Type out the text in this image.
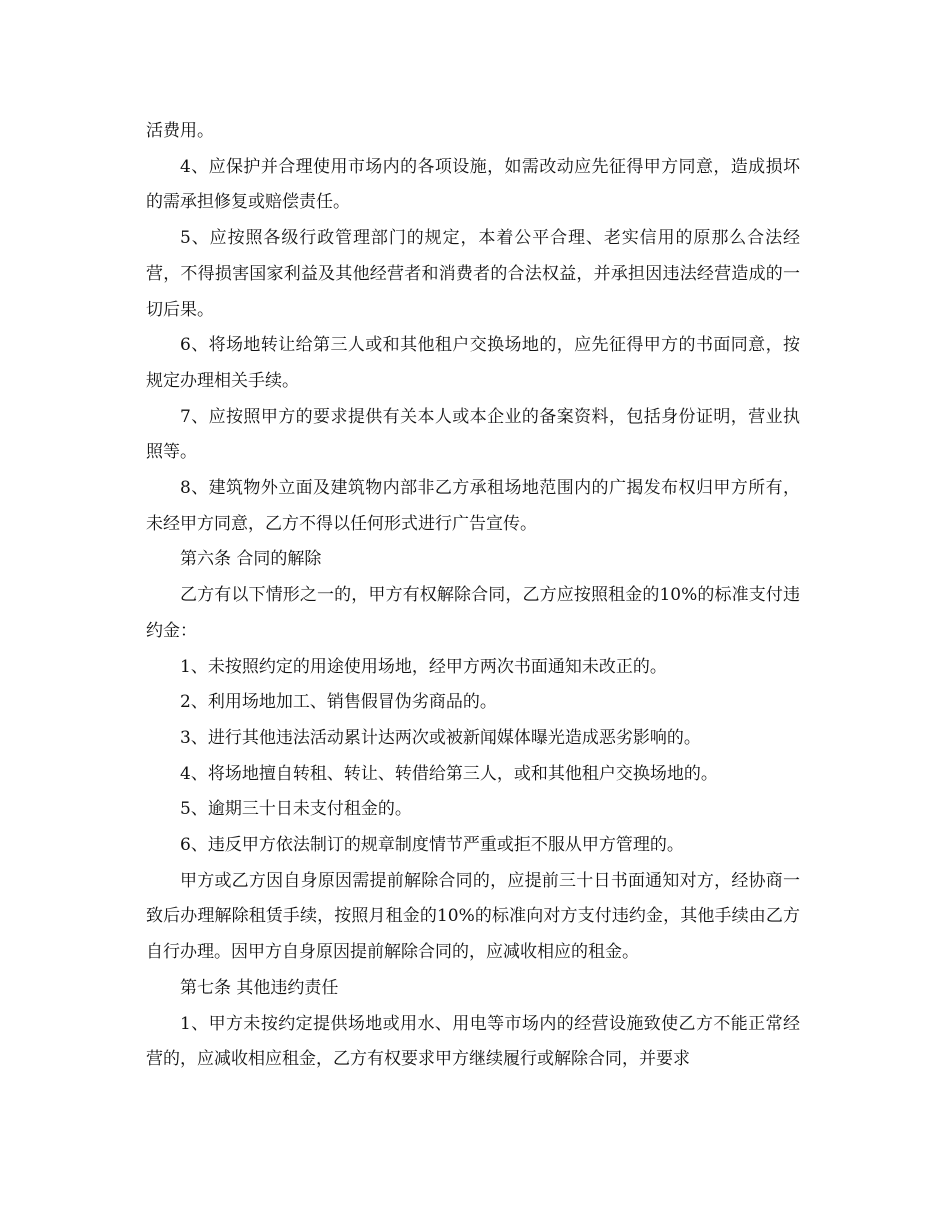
活费用。

4、应保护并合理使用市场内的各项设施，如需改动应先征得甲方同意，造成损坏的需承担修复或赔偿责任。

5、应按照各级行政管理部门的规定，本着公平合理、老实信用的原那么合法经营，不得损害国家利益及其他经营者和消费者的合法权益，并承担因违法经营造成的一切后果。

6、将场地转让给第三人或和其他租户交换场地的，应先征得甲方的书面同意，按规定办理相关手续。

7、应按照甲方的要求提供有关本人或本企业的备案资料，包括身份证明，营业执照等。

8、建筑物外立面及建筑物内部非乙方承租场地范围内的广揭发布权归甲方所有，未经甲方同意，乙方不得以任何形式进行广告宣传。

第六条 合同的解除

乙方有以下情形之一的，甲方有权解除合同，乙方应按照租金的10%的标准支付违约金：

1、未按照约定的用途使用场地，经甲方两次书面通知未改正的。

2、利用场地加工、销售假冒伪劣商品的。

3、进行其他违法活动累计达两次或被新闻媒体曝光造成恶劣影响的。

4、将场地擅自转租、转让、转借给第三人，或和其他租户交换场地的。

5、逾期三十日未支付租金的。

6、违反甲方依法制订的规章制度情节严重或拒不服从甲方管理的。

甲方或乙方因自身原因需提前解除合同的，应提前三十日书面通知对方，经协商一致后办理解除租赁手续，按照月租金的10%的标准向对方支付违约金，其他手续由乙方自行办理。因甲方自身原因提前解除合同的，应减收相应的租金。

第七条 其他违约责任

1、甲方未按约定提供场地或用水、用电等市场内的经营设施致使乙方不能正常经营的，应减收相应租金，乙方有权要求甲方继续履行或解除合同，并要求
